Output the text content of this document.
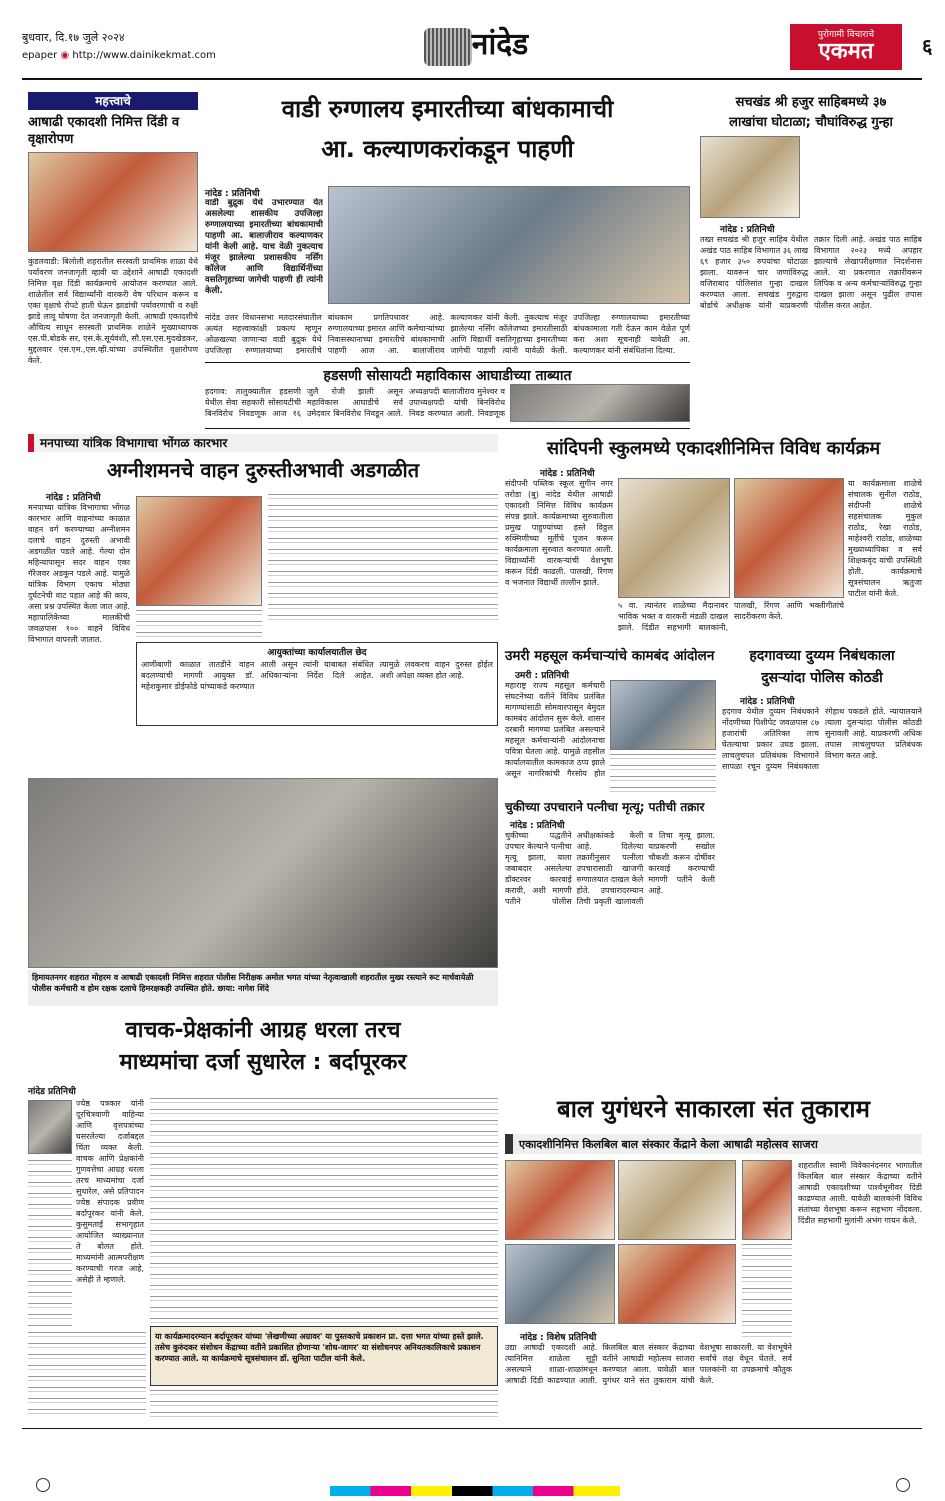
बुधवार, दि.१७ जुले २०२४
epaper ◉ http://www.dainikekmat.com	नांदेड	पुरोगामी विचाराचे
एकमत	६
महत्त्वाचे
आषाढी एकादशी निमित्त दिंडी व वृक्षारोपण
कुंडलवाडी: बिलोली शहरातील सरस्वती प्राथमिक शाळा येथे पर्यावरण जनजागृती व्हावी या उद्देशाने आषाढी एकादशी निमित्त वृक्ष दिंडी कार्यक्रमाचे आयोजन करण्यात आले. शाळेतील सर्व विद्यार्थ्यांनी वारकरी वेष परिधान करून व एका वृक्षाचे रोपटे हाती घेऊन झाडांची पर्यावरणाची व रुक्षी झाडे लावू घोषणा देत जनजागृती केली. आषाढी एकादशीचे औचित्य साधून सरस्वती प्राथमिक शाळेने मुख्याध्यापक एस.पी.बोडके सर, एस.के.सूर्यवंशी, सौ.एस.एस.मुदखेडकर, मुद्दलवार एस.एम.,एस.व्ही.यांच्या उपस्थितीत वृक्षारोपण केले.
वाडी रुग्णालय इमारतीच्या बांधकामाची
आ. कल्याणकरांकडून पाहणी
नांदेड : प्रतिनिधी
वाडी बुद्रुक येथे उभारण्यात येत असलेल्या शासकीय उपजिल्हा रुग्णालयाच्या इमारतीच्या बांधकामाची पाहणी आ. बालाजीराव कल्याणकर यांनी केली आहे. याच वेळी नुकत्याच मंजूर झालेल्या प्रशासकीय नर्सिंग कॉलेज आणि विद्यार्थिनींच्या वसतिगृहाच्या जागेची पाहणी ही त्यांनी केली.
नांदेड उत्तर विधानसभा मतदारसंघातील अत्यंत महत्त्वाकांक्षी प्रकल्प म्हणून ओळखल्या जाणाऱ्या वाडी बुद्रुक येथे उपजिल्हा रुग्णालयाच्या इमारतीचे बांधकाम प्रगतिपथावर आहे. रुग्णालयाच्या इमारत आणि कर्मचाऱ्यांच्या निवासस्थानाच्या इमारतीचे बांधकामाची पाहणी आज आ. बालाजीराव कल्याणकर यांनी केली. नुकत्याच मंजूर झालेल्या नर्सिंग कॉलेजच्या इमारतीसाठी आणि विद्यार्थी वसतिगृहाच्या इमारतीच्या जागेची पाहणी त्यांनी यावेळी केली. उपजिल्हा रुग्णालयाच्या इमारतीच्या बांधकामाला गती देऊन काम वेळेत पूर्ण करा अशा सूचनाही यावेळी आ. कल्याणकर यांनी संबंधितांना दिल्या.
हडसणी सोसायटी महाविकास आघाडीच्या ताब्यात
हदगाव: तालुक्यातील हडसणी येथील सेवा सहकारी सोसायटीची बिनविरोध निवडणूक आज १६ जुलै रोजी झाली असून महाविकास आघाडीचे सर्व उमेदवार बिनविरोध निवडून आले. अध्यक्षपदी बालाजीराव मुनेश्वर व उपाध्यक्षपदी यांची बिनविरोध निवड करण्यात आली. निवडणूक
सचखंड श्री हजुर साहिबमध्ये ३७
लाखांचा घोटाळा; चौघांविरुद्ध गुन्हा
नांदेड : प्रतिनिधी
तख्त सचखंड श्री हजुर साहिब येथील अखंड पाठ साहिब विभागात ३६ लाख ६९ हजार ३५० रुपयांचा घोटाळा झाला. यावरून चार जणांविरुद्ध वजिराबाद पोलिसांत गुन्हा दाखल करण्यात आला. सचखंड गुरुद्वारा बोर्डाचे अधीक्षक यांनी याप्रकरणी तक्रार दिली आहे. अखंड पाठ साहिब विभागात २०२३ मध्ये अपहार झाल्याचे लेखापरीक्षणात निदर्शनास आले. या प्रकरणात तक्रारीवरून लिपिक व अन्य कर्मचाऱ्यांविरुद्ध गुन्हा दाखल झाला असून पुढील तपास पोलीस करत आहेत.
मनपाच्या यांत्रिक विभागाचा भोंगळ कारभार
अग्नीशमनचे वाहन दुरुस्तीअभावी अडगळीत
नांदेड : प्रतिनिधी
मनपाच्या यांत्रिक विभागाचा भोंगळ कारभार आणि वाहनांच्या काळात वाहन वर्ग करण्याच्या अग्नीशमन दलाचे वाहन दुरुस्ती अभावी अडगळीत पडले आहे. गेल्या दोन महिन्यापासून सदर वाहन एका गॅरेजवर अडकून पडले आहे. यामुळे यांत्रिक विभाग एकाच मोठ्या दुर्घटनेची वाट पहात आहे की काय, असा प्रश्न उपस्थित केला जात आहे. महापालिकेच्या मालकीची जवळपास १०० वाहने विविध विभागात वापरली जातात.
आयुक्तांच्या कार्यालयातील छेद
आणीबाणी काळात तातडीने वाहन बदलण्याची मागणी आयुक्त डॉ. महेशकुमार डोईफोडे यांच्याकडे करण्यात आली असून त्यांनी याबाबत संबंधित अधिकाऱ्यांना निर्देश दिले आहेत. त्यामुळे लवकरच वाहन दुरुस्त होईल अशी अपेक्षा व्यक्त होत आहे.
हिमायतनगर शहरात मोहरम व आषाढी एकादशी निमित्त शहरात पोलीस निरीक्षक अमोल भगत यांच्या नेतृत्वाखाली शहरातील मुख्य रस्त्याने रूट मार्चवायेळी पोलीस कर्मचारी व होम रक्षक दलाचे हिमरक्षकही उपस्थित होते. छाया: नागेश शिंदे
सांदिपनी स्कुलमध्ये एकादशीनिमित्त विविध कार्यक्रम
नांदेड : प्रतिनिधी
संदीपनी पब्लिक स्कूल सुगीन नगर तरोडा (बु) नांदेड येथील आषाढी एकादशी निमित्त विविध कार्यक्रम संपन्न झाले. कार्यक्रमाच्या सुरुवातीला प्रमुख पाहुण्यांच्या हस्ते विठ्ठल रुक्मिणीच्या मूर्तीचे पूजन करून कार्यक्रमाला सुरुवात करण्यात आली. विद्यार्थ्यांनी वारकऱ्यांची वेशभूषा करून दिंडी काढली. पालखी, रिंगण व भजनात विद्यार्थी तल्लीन झाले.
या कार्यक्रमाला शाळेचे संचालक सुनील राठोड, संदीपनी शाळेचे सहसंचालक मुकुल राठोड, रेखा राठोड, माहेश्वरी राठोड, शाळेच्या मुख्याध्यापिका व सर्व शिक्षकवृंद यांची उपस्थिती होती. कार्यक्रमाचे सूत्रसंचालन ऋतुजा पाटील यांनी केले.
५ वा. त्यानंतर शाळेच्या मैदानावर भाविक भक्त व वारकरी मंडळी दाखल झाले. दिंडीत सहभागी बालकांनी, पालखी, रिंगण आणि भक्तीगीतांचे सादरीकरण केले.
उमरी महसूल कर्मचाऱ्यांचे कामबंद आंदोलन
उमरी : प्रतिनिधी
महाराष्ट्र राज्य महसूल कर्मचारी संघटनेच्या वतीने विविध प्रलंबित मागण्यांसाठी सोमवारपासून बेमुदत कामबंद आंदोलन सुरू केले. शासन दरबारी मागण्या प्रलंबित असल्याने महसूल कर्मचाऱ्यांनी आंदोलनाचा पवित्रा घेतला आहे. यामुळे तहसील कार्यालयातील कामकाज ठप्प झाले असून नागरिकांची गैरसोय होत
चुकीच्या उपचाराने पत्नीचा मृत्यू; पतीची तक्रार
नांदेड : प्रतिनिधी
चुकीच्या पद्धतीने उपचार केल्याने पत्नीचा मृत्यू झाला, याला जबाबदार असलेल्या डॉक्टरवर कारवाई करावी, अशी मागणी पतीने पोलीस अधीक्षकांकडे केली आहे. दिलेल्या तक्रारीनुसार पत्नीला उपचारासाठी खाजगी रुग्णालयात दाखल केले होते. उपचारादरम्यान तिची प्रकृती खालावली व तिचा मृत्यू झाला. याप्रकरणी सखोल चौकशी करून दोषींवर कारवाई करण्याची मागणी पतीने केली आहे.
हदगावच्या दुय्यम निबंधकाला
दुसऱ्यांदा पोलिस कोठडी
नांदेड : प्रतिनिधी
हदगाव येथील दुय्यम निबंधकाने नोंदणीच्या पिशीपेट जवळपास ८७ हजारांची अतिरिक्त लाच घेतल्याचा प्रकार उघड झाला. लाचलुचपत प्रतिबंधक विभागाने सापळा रचून दुय्यम निबंधकाला रंगेहाथ पकडले होते. न्यायालयाने त्याला दुसऱ्यांदा पोलीस कोठडी सुनावली आहे. याप्रकरणी अधिक तपास लाचलुचपत प्रतिबंधक विभाग करत आहे.
वाचक-प्रेक्षकांनी आग्रह धरला तरच
माध्यमांचा दर्जा सुधारेल : बर्दापूरकर
नांदेड प्रतिनिधी
ज्येष्ठ पत्रकार यांनी दूरचित्रवाणी वाहिन्या आणि वृत्तपत्रांच्या घसरलेल्या दर्जाबद्दल चिंता व्यक्त केली. वाचक आणि प्रेक्षकांनी गुणवत्तेचा आग्रह धरला तरच माध्यमांचा दर्जा सुधारेल, असे प्रतिपादन ज्येष्ठ संपादक प्रवीण बर्दापूरकर यांनी केले. कुसुमताई सभागृहात आयोजित व्याख्यानात ते बोलत होते. माध्यमांनी आत्मपरीक्षण करण्याची गरज आहे, असेही ते म्हणाले.
या कार्यक्रमादरम्यान बर्दापूरकर यांच्या 'लेखणीच्या अग्रावर' या पुस्तकाचे प्रकाशन प्रा. दत्ता भगत यांच्या हस्ते झाले. तसेच कुरुंदकर संशोधन केंद्राच्या वतीने प्रकाशित होणाऱ्या 'शोध-जागर' या संशोधनपर अनियतकालिकाचे प्रकाशन करण्यात आले. या कार्यक्रमाचे सूत्रसंचालन डॉ. सुनिता पाटील यांनी केले.
बाल युगंधरने साकारला संत तुकाराम
एकादशीनिमित्त किलबिल बाल संस्कार केंद्राने केला आषाढी महोत्सव साजरा
नांदेड : विशेष प्रतिनिधी
उद्या आषाढी एकादशी आहे. त्यानिमित्त शाळेला सुट्टी असल्याने शाळा-शाळांमधून आषाढी दिंडी काढण्यात आली. किलबिल बाल संस्कार केंद्राच्या वतीने आषाढी महोत्सव साजरा करण्यात आला. यावेळी बाल युगंधर याने संत तुकाराम यांची वेशभूषा साकारली. या वेशभूषेने सर्वांचे लक्ष वेधून घेतले. सर्व पालकांनी या उपक्रमाचे कौतुक केले.
शहरातील स्वामी विवेकानंदनगर भागातील किलबिल बाल संस्कार केंद्राच्या वतीने आषाढी एकादशीच्या पार्श्वभूमीवर दिंडी काढण्यात आली. यावेळी बालकांनी विविध संतांच्या वेशभूषा करून सहभाग नोंदवला. दिंडीत सहभागी मुलांनी अभंग गायन केले.
